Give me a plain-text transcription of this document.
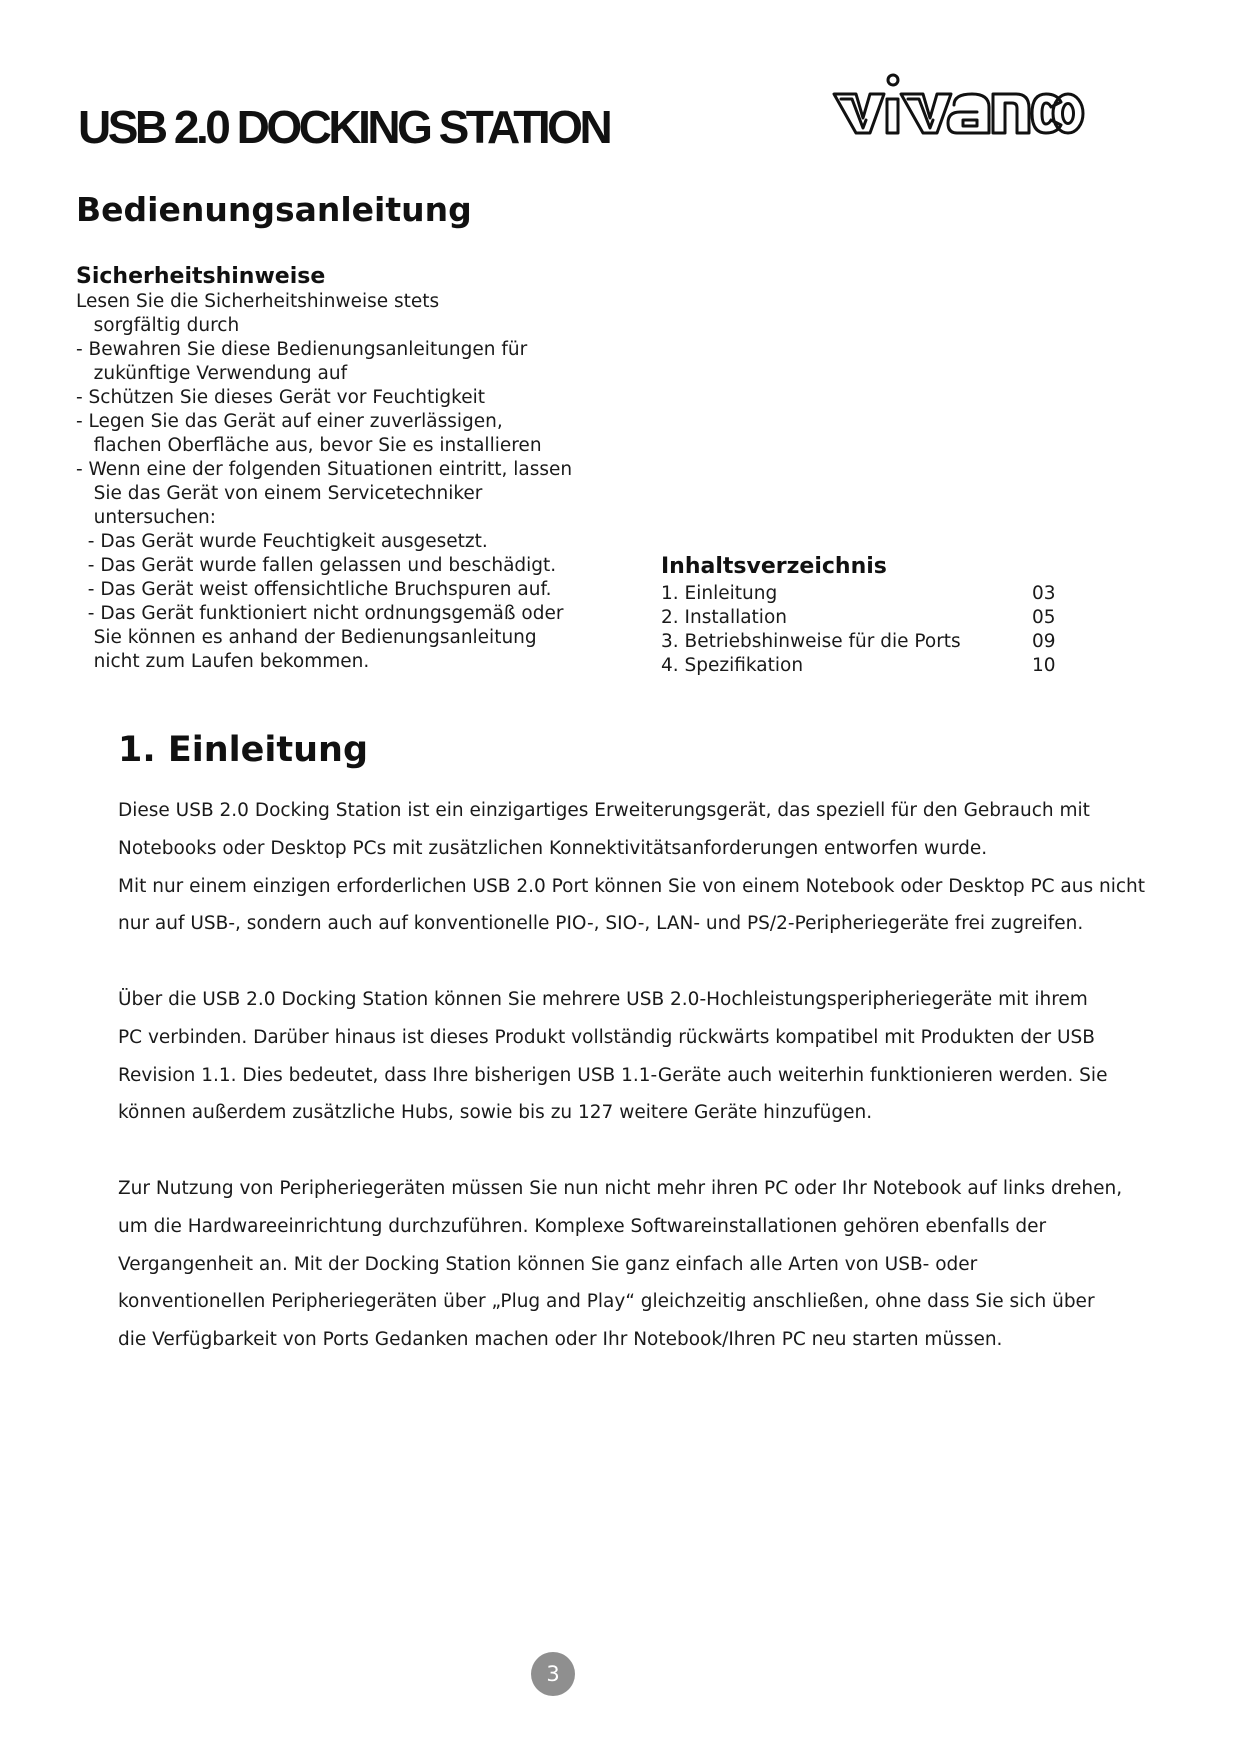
USB 2.0 DOCKING STATION
Bedienungsanleitung
Sicherheitshinweise

Lesen Sie die Sicherheitshinweise stets

sorgfältig durch

- Bewahren Sie diese Bedienungsanleitungen für

zukünftige Verwendung auf

- Schützen Sie dieses Gerät vor Feuchtigkeit

- Legen Sie das Gerät auf einer zuverlässigen,

flachen Oberfläche aus, bevor Sie es installieren

- Wenn eine der folgenden Situationen eintritt, lassen

Sie das Gerät von einem Servicetechniker

untersuchen:

- Das Gerät wurde Feuchtigkeit ausgesetzt.

- Das Gerät wurde fallen gelassen und beschädigt.

- Das Gerät weist offensichtliche Bruchspuren auf.

- Das Gerät funktioniert nicht ordnungsgemäß oder

Sie können es anhand der Bedienungsanleitung

nicht zum Laufen bekommen.

Inhaltsverzeichnis
1. Einleitung	03
2. Installation	05
3. Betriebshinweise für die Ports	09
4. Spezifikation	10
1. Einleitung

Diese USB 2.0 Docking Station ist ein einzigartiges Erweiterungsgerät, das speziell für den Gebrauch mit

Notebooks oder Desktop PCs mit zusätzlichen Konnektivitätsanforderungen entworfen wurde.

Mit nur einem einzigen erforderlichen USB 2.0 Port können Sie von einem Notebook oder Desktop PC aus nicht

nur auf USB-, sondern auch auf konventionelle PIO-, SIO-, LAN- und PS/2-Peripheriegeräte frei zugreifen.

Über die USB 2.0 Docking Station können Sie mehrere USB 2.0-Hochleistungsperipheriegeräte mit ihrem

PC verbinden. Darüber hinaus ist dieses Produkt vollständig rückwärts kompatibel mit Produkten der USB

Revision 1.1. Dies bedeutet, dass Ihre bisherigen USB 1.1-Geräte auch weiterhin funktionieren werden. Sie

können außerdem zusätzliche Hubs, sowie bis zu 127 weitere Geräte hinzufügen.

Zur Nutzung von Peripheriegeräten müssen Sie nun nicht mehr ihren PC oder Ihr Notebook auf links drehen,

um die Hardwareeinrichtung durchzuführen. Komplexe Softwareinstallationen gehören ebenfalls der

Vergangenheit an. Mit der Docking Station können Sie ganz einfach alle Arten von USB- oder

konventionellen Peripheriegeräten über „Plug and Play“ gleichzeitig anschließen, ohne dass Sie sich über

die Verfügbarkeit von Ports Gedanken machen oder Ihr Notebook/Ihren PC neu starten müssen.

3
